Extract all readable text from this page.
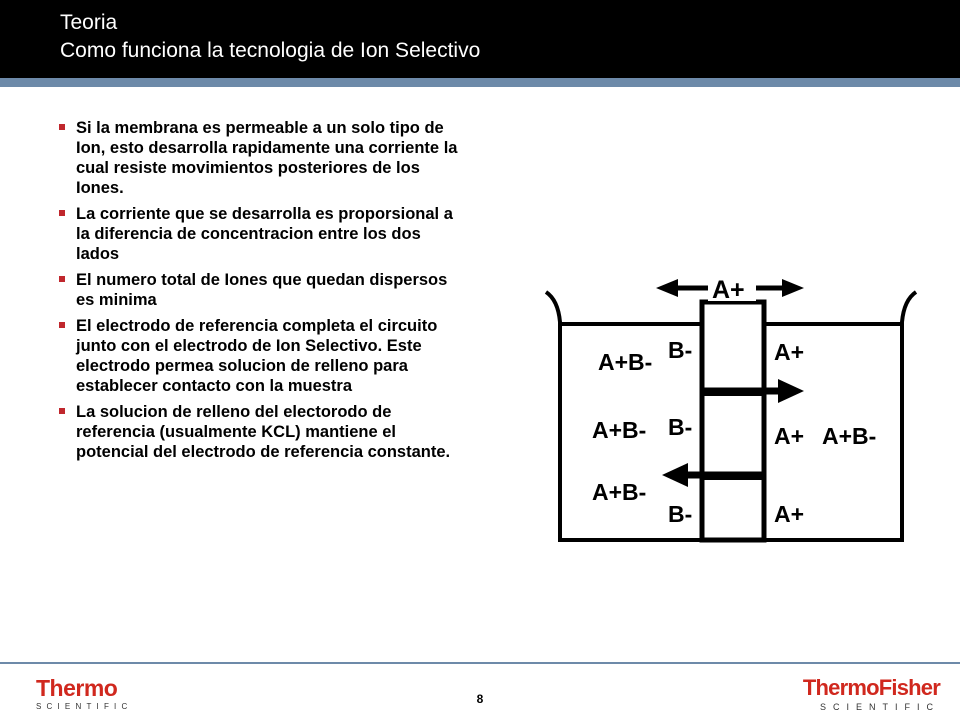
Teoria
Como funciona la tecnologia de Ion Selectivo
Si la membrana es permeable a un solo tipo de Ion, esto desarrolla rapidamente una corriente la cual resiste movimientos posteriores de los Iones.
La corriente que se desarrolla es proporsional a la diferencia de concentracion entre los dos lados
El numero total de Iones que quedan dispersos es minima
El electrodo de referencia completa el circuito junto con el electrodo de Ion Selectivo. Este electrodo permea solucion de relleno para establecer contacto con la muestra
La solucion de relleno del electorodo de referencia (usualmente KCL) mantiene el potencial del electrodo de referencia constante.
A+
A+B-
A+B-
A+B-
B-
B-
B-
A+
A+
A+
A+B-
Thermo
SCIENTIFIC
8	ThermoFisher
SCIENTIFIC
